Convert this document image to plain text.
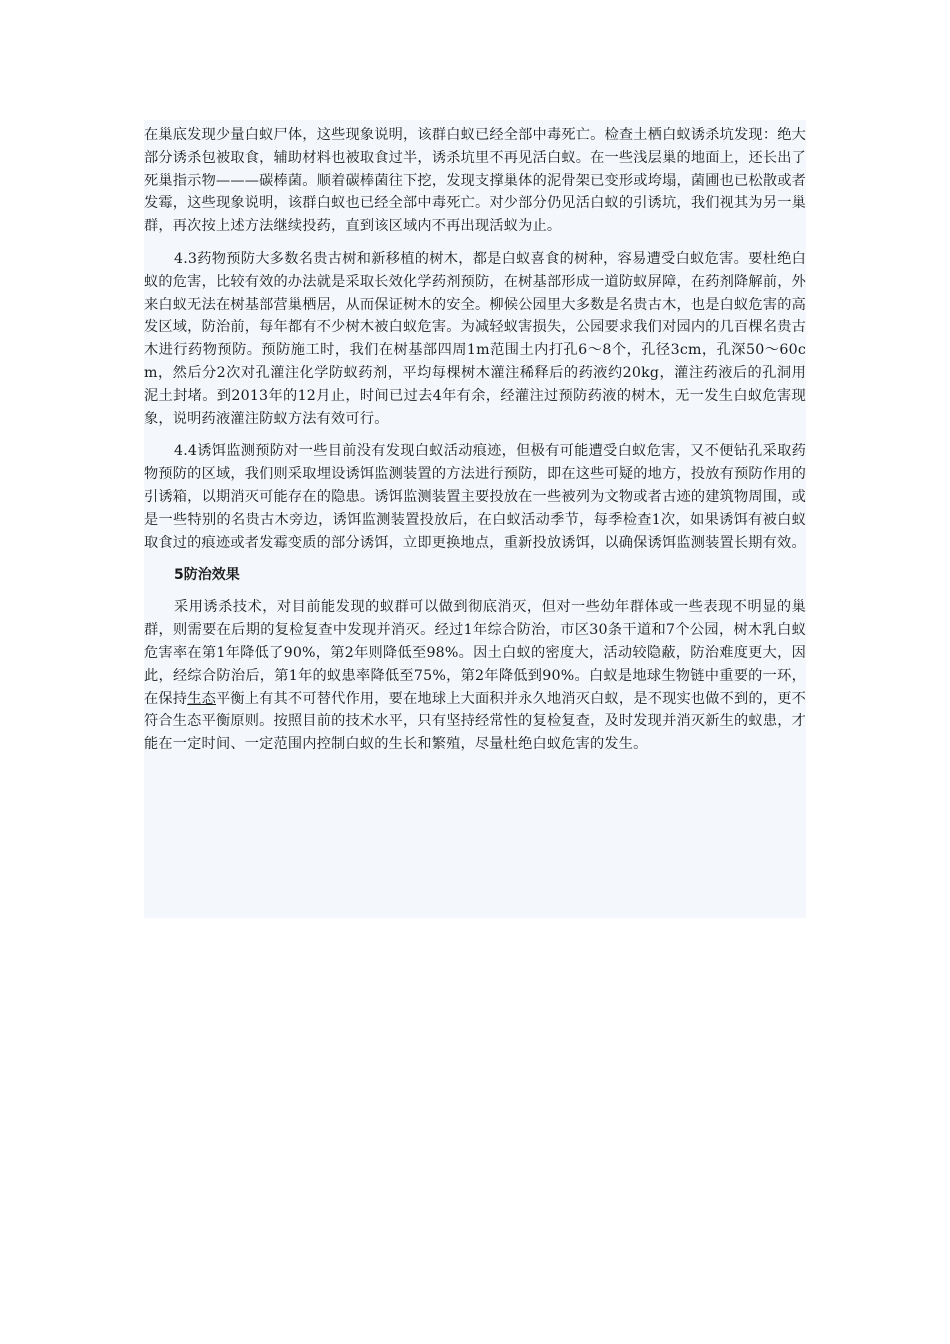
在巢底发现少量白蚁尸体，这些现象说明，该群白蚁已经全部中毒死亡。检查土栖白蚁诱杀坑发现：绝大部分诱杀包被取食，辅助材料也被取食过半，诱杀坑里不再见活白蚁。在一些浅层巢的地面上，还长出了死巢指示物———碳棒菌。顺着碳棒菌往下挖，发现支撑巢体的泥骨架已变形或垮塌，菌圃也已松散或者发霉，这些现象说明，该群白蚁也已经全部中毒死亡。对少部分仍见活白蚁的引诱坑，我们视其为另一巢群，再次按上述方法继续投药，直到该区域内不再出现活蚁为止。

4.3药物预防大多数名贵古树和新移植的树木，都是白蚁喜食的树种，容易遭受白蚁危害。要杜绝白蚁的危害，比较有效的办法就是采取长效化学药剂预防，在树基部形成一道防蚁屏障，在药剂降解前，外来白蚁无法在树基部营巢栖居，从而保证树木的安全。柳候公园里大多数是名贵古木，也是白蚁危害的高发区域，防治前，每年都有不少树木被白蚁危害。为减轻蚁害损失，公园要求我们对园内的几百棵名贵古木进行药物预防。预防施工时，我们在树基部四周1m范围土内打孔6～8个，孔径3cm，孔深50～60cm，然后分2次对孔灌注化学防蚁药剂，平均每棵树木灌注稀释后的药液约20kg，灌注药液后的孔洞用泥土封堵。到2013年的12月止，时间已过去4年有余，经灌注过预防药液的树木，无一发生白蚁危害现象，说明药液灌注防蚁方法有效可行。

4.4诱饵监测预防对一些目前没有发现白蚁活动痕迹，但极有可能遭受白蚁危害，又不便钻孔采取药物预防的区域，我们则采取埋设诱饵监测装置的方法进行预防，即在这些可疑的地方，投放有预防作用的引诱箱，以期消灭可能存在的隐患。诱饵监测装置主要投放在一些被列为文物或者古迹的建筑物周围，或是一些特别的名贵古木旁边，诱饵监测装置投放后，在白蚁活动季节，每季检查1次，如果诱饵有被白蚁取食过的痕迹或者发霉变质的部分诱饵，立即更换地点，重新投放诱饵，以确保诱饵监测装置长期有效。

5防治效果

采用诱杀技术，对目前能发现的蚁群可以做到彻底消灭，但对一些幼年群体或一些表现不明显的巢群，则需要在后期的复检复查中发现并消灭。经过1年综合防治，市区30条干道和7个公园，树木乳白蚁危害率在第1年降低了90%，第2年则降低至98%。因土白蚁的密度大，活动较隐蔽，防治难度更大，因此，经综合防治后，第1年的蚁患率降低至75%，第2年降低到90%。白蚁是地球生物链中重要的一环，在保持生态平衡上有其不可替代作用，要在地球上大面积并永久地消灭白蚁，是不现实也做不到的，更不符合生态平衡原则。按照目前的技术水平，只有坚持经常性的复检复查，及时发现并消灭新生的蚁患，才能在一定时间、一定范围内控制白蚁的生长和繁殖，尽量杜绝白蚁危害的发生。
